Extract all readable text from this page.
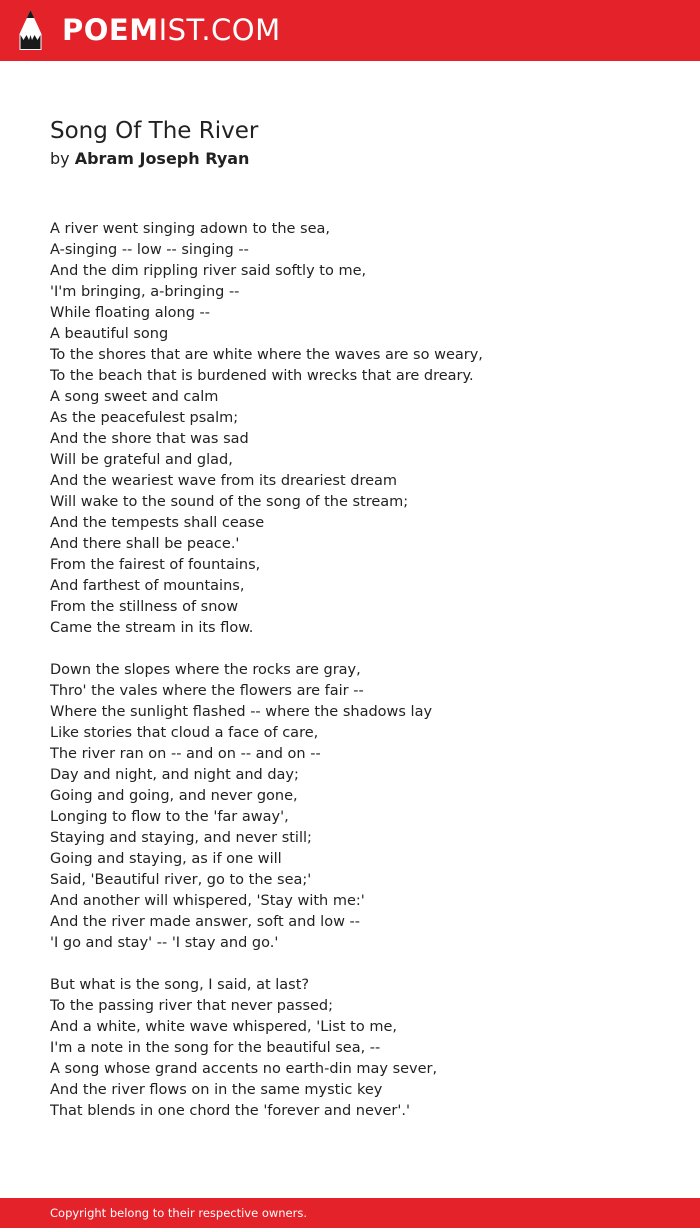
POEMIST.COM
Song Of The River
by Abram Joseph Ryan
A river went singing adown to the sea,
A-singing -- low -- singing --
And the dim rippling river said softly to me,
'I'm bringing, a-bringing --
While floating along --
A beautiful song
To the shores that are white where the waves are so weary,
To the beach that is burdened with wrecks that are dreary.
A song sweet and calm
As the peacefulest psalm;
And the shore that was sad
Will be grateful and glad,
And the weariest wave from its dreariest dream
Will wake to the sound of the song of the stream;
And the tempests shall cease
And there shall be peace.'
From the fairest of fountains,
And farthest of mountains,
From the stillness of snow
Came the stream in its flow.
Down the slopes where the rocks are gray,
Thro' the vales where the flowers are fair --
Where the sunlight flashed -- where the shadows lay
Like stories that cloud a face of care,
The river ran on -- and on -- and on --
Day and night, and night and day;
Going and going, and never gone,
Longing to flow to the 'far away',
Staying and staying, and never still;
Going and staying, as if one will
Said, 'Beautiful river, go to the sea;'
And another will whispered, 'Stay with me:'
And the river made answer, soft and low --
'I go and stay' -- 'I stay and go.'
But what is the song, I said, at last?
To the passing river that never passed;
And a white, white wave whispered, 'List to me,
I'm a note in the song for the beautiful sea, --
A song whose grand accents no earth-din may sever,
And the river flows on in the same mystic key
That blends in one chord the 'forever and never'.'
Copyright belong to their respective owners.
